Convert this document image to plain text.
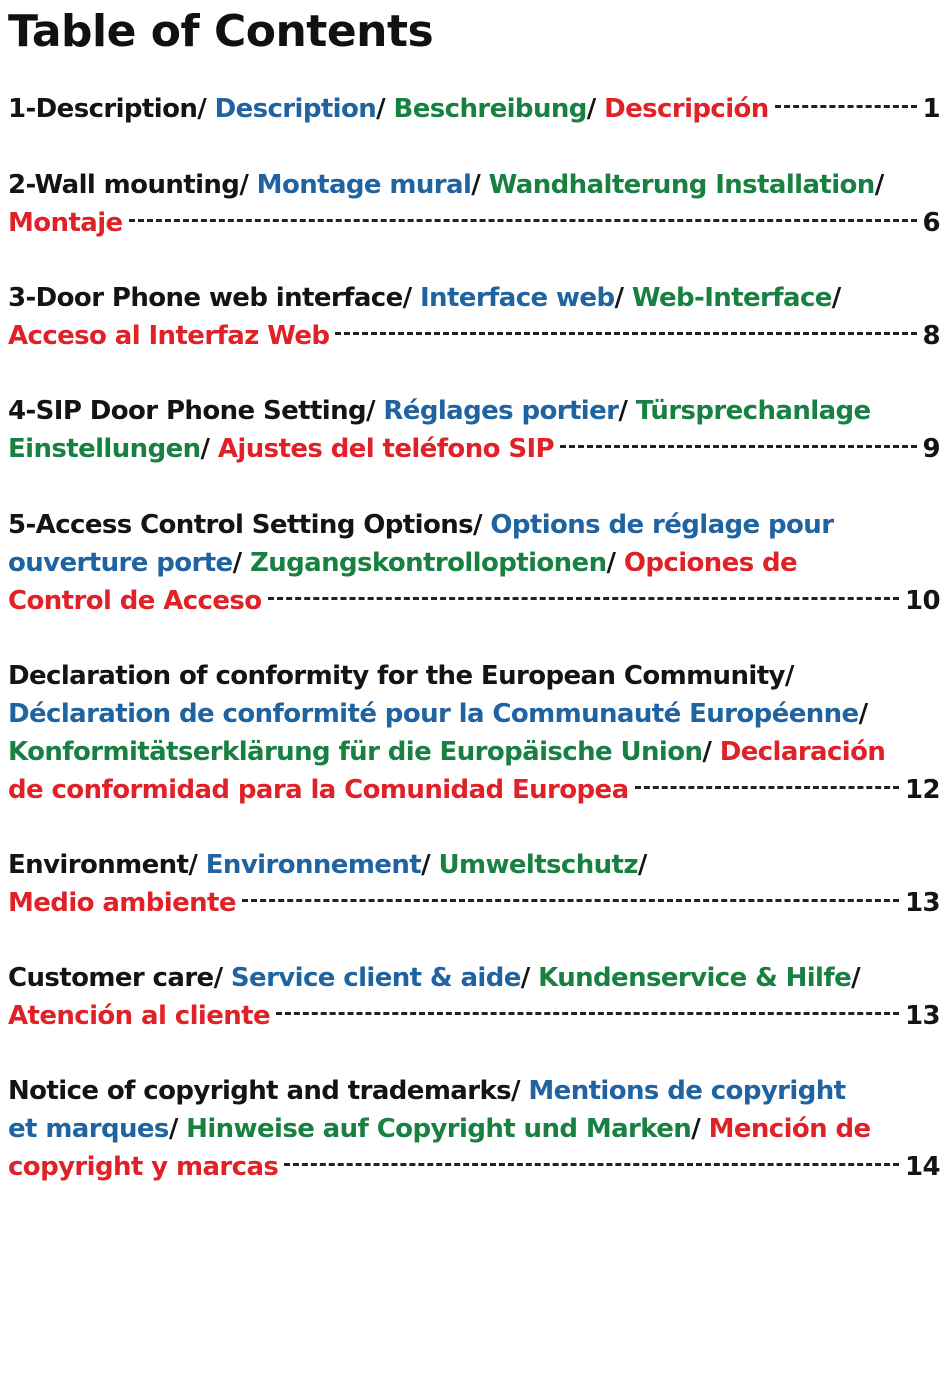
Table of Contents
1-Description/ Description / Beschreibung / Descripción	1
2-Wall mounting/ Montage mural / Wandhalterung Installation /
Montaje	6
3-Door Phone web interface/ Interface web / Web-Interface /
Acceso al Interfaz Web	8
4-SIP Door Phone Setting/ Réglages portier / Türsprechanlage
Einstellungen / Ajustes del teléfono SIP	9
5-Access Control Setting Options/ Options de réglage pour
ouverture porte / Zugangskontrolloptionen / Opciones de
Control de Acceso	10
Declaration of conformity for the European Community/
Déclaration de conformité pour la Communauté Européenne /
Konformitätserklärung für die Europäische Union / Declaración
de conformidad para la Comunidad Europea	12
Environment/ Environnement / Umweltschutz /
Medio ambiente	13
Customer care/ Service client & aide / Kundenservice & Hilfe /
Atención al cliente	13
Notice of copyright and trademarks/ Mentions de copyright
et marques / Hinweise auf Copyright und Marken / Mención de
copyright y marcas	14
